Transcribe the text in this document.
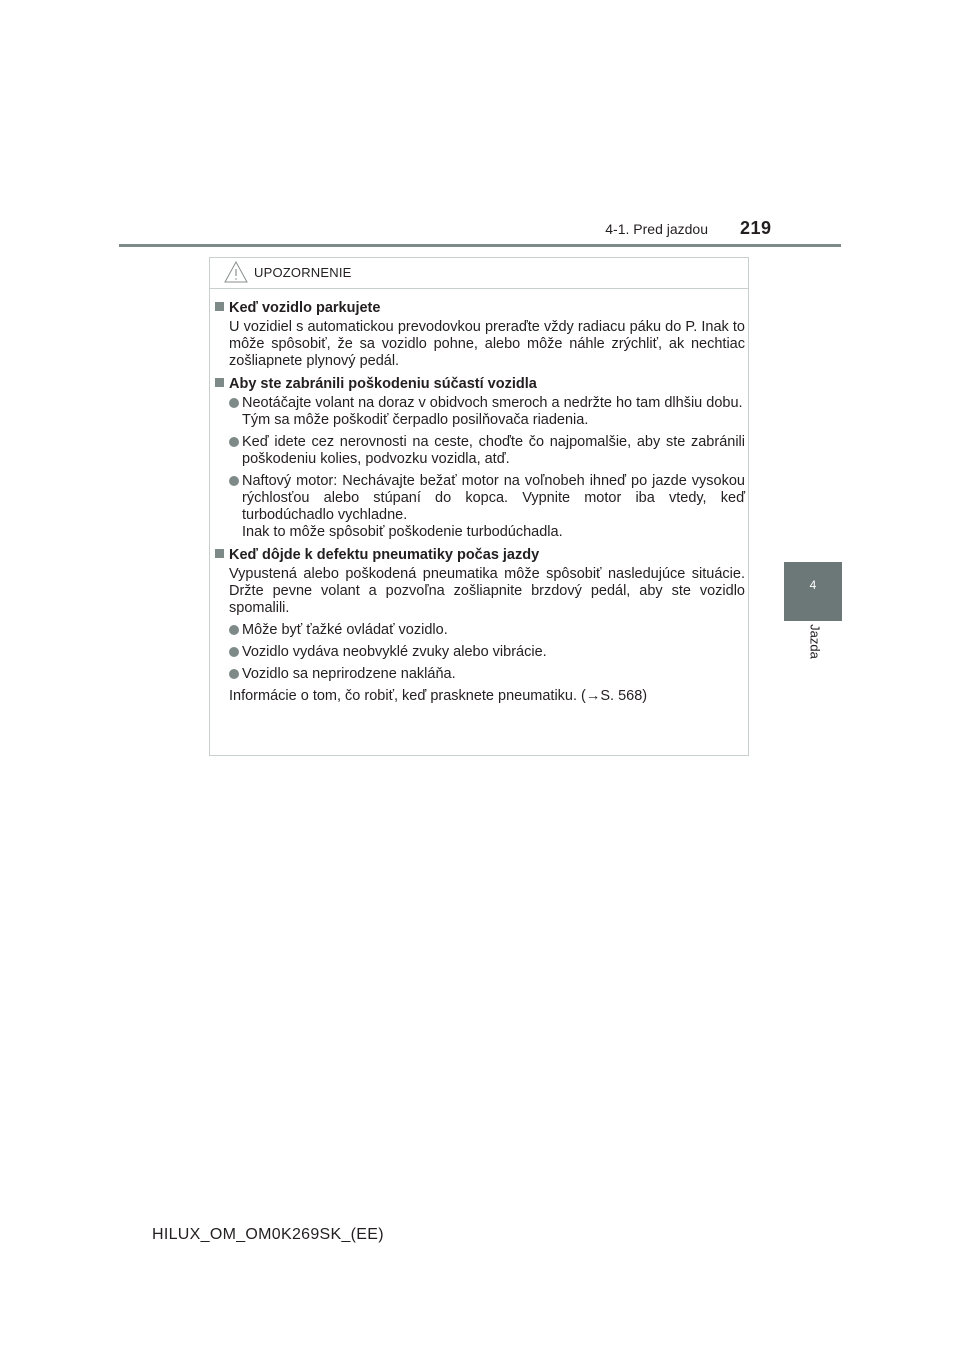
4-1. Pred jazdou 219
4
Jazda
UPOZORNENIE
Keď vozidlo parkujete
U vozidiel s automatickou prevodovkou preraďte vždy radiacu páku do P. Inak to môže spôsobiť, že sa vozidlo pohne, alebo môže náhle zrýchliť, ak nechtiac zošliapnete plynový pedál.
Aby ste zabránili poškodeniu súčastí vozidla
Neotáčajte volant na doraz v obidvoch smeroch a nedržte ho tam dlhšiu dobu.
Tým sa môže poškodiť čerpadlo posilňovača riadenia.
Keď idete cez nerovnosti na ceste, choďte čo najpomalšie, aby ste zabránili poškodeniu kolies, podvozku vozidla, atď.
Naftový motor: Nechávajte bežať motor na voľnobeh ihneď po jazde vysokou rýchlosťou alebo stúpaní do kopca. Vypnite motor iba vtedy, keď turbodúchadlo vychladne.
Inak to môže spôsobiť poškodenie turbodúchadla.
Keď dôjde k defektu pneumatiky počas jazdy
Vypustená alebo poškodená pneumatika môže spôsobiť nasledujúce situácie. Držte pevne volant a pozvoľna zošliapnite brzdový pedál, aby ste vozidlo spomalili.
Môže byť ťažké ovládať vozidlo.
Vozidlo vydáva neobvyklé zvuky alebo vibrácie.
Vozidlo sa neprirodzene nakláňa.
Informácie o tom, čo robiť, keď prasknete pneumatiku. (→S. 568)
HILUX_OM_OM0K269SK_(EE)
